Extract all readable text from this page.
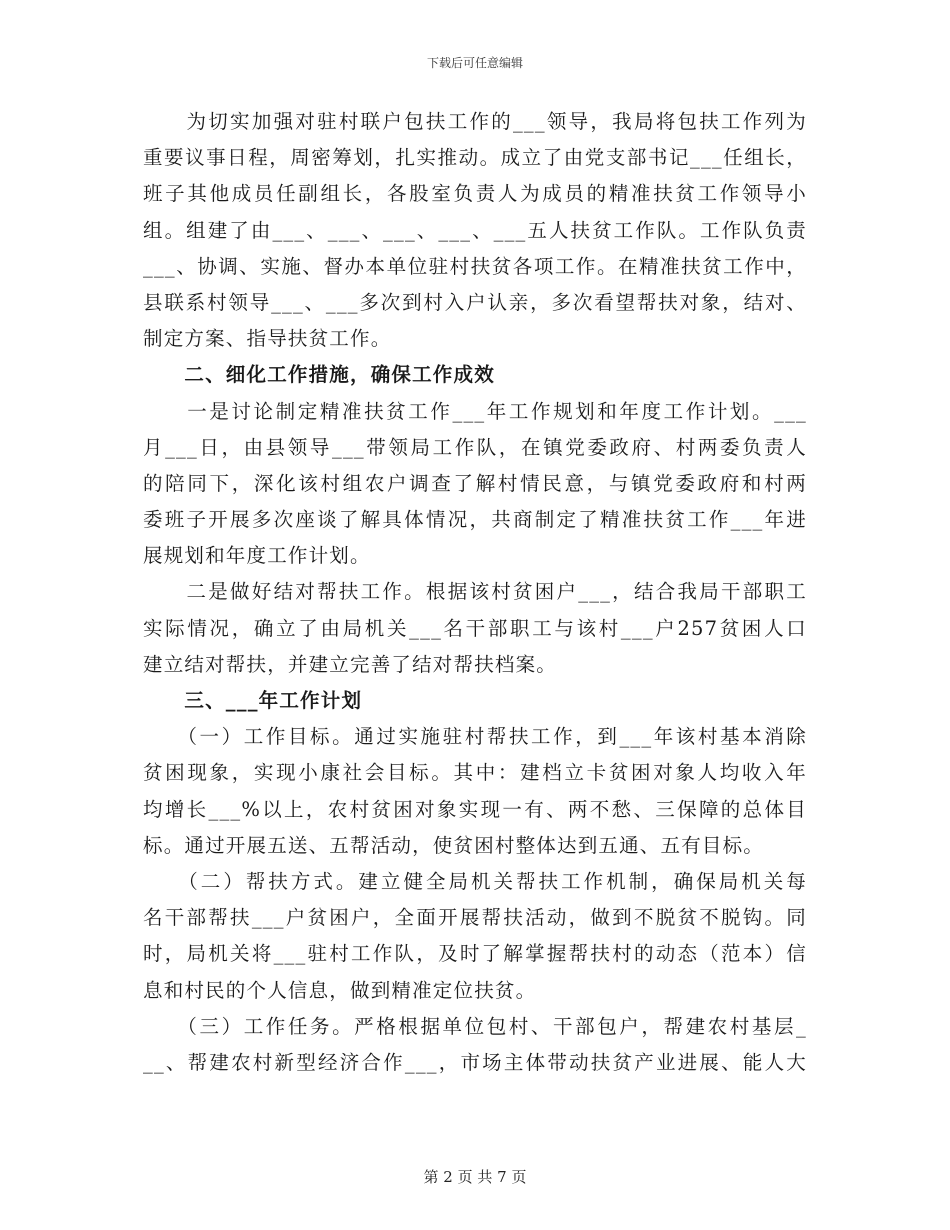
下载后可任意编辑
　　为切实加强对驻村联户包扶工作的___领导，我局将包扶工作列为
重要议事日程，周密筹划，扎实推动。成立了由党支部书记___任组长，
班子其他成员任副组长，各股室负责人为成员的精准扶贫工作领导小
组。组建了由___、___、___、___、___五人扶贫工作队。工作队负责
___、协调、实施、督办本单位驻村扶贫各项工作。在精准扶贫工作中，
县联系村领导___、___多次到村入户认亲，多次看望帮扶对象，结对、
制定方案、指导扶贫工作。
　　二、细化工作措施，确保工作成效
　　一是讨论制定精准扶贫工作___年工作规划和年度工作计划。___
月___日，由县领导___带领局工作队，在镇党委政府、村两委负责人
的陪同下，深化该村组农户调查了解村情民意，与镇党委政府和村两
委班子开展多次座谈了解具体情况，共商制定了精准扶贫工作___年进
展规划和年度工作计划。
　　二是做好结对帮扶工作。根据该村贫困户___，结合我局干部职工
实际情况，确立了由局机关___名干部职工与该村___户257贫困人口
建立结对帮扶，并建立完善了结对帮扶档案。
　　三、___年工作计划
　　（一）工作目标。通过实施驻村帮扶工作，到___年该村基本消除
贫困现象，实现小康社会目标。其中：建档立卡贫困对象人均收入年
均增长___%以上，农村贫困对象实现一有、两不愁、三保障的总体目
标。通过开展五送、五帮活动，使贫困村整体达到五通、五有目标。
　　（二）帮扶方式。建立健全局机关帮扶工作机制，确保局机关每
名干部帮扶___户贫困户，全面开展帮扶活动，做到不脱贫不脱钩。同
时，局机关将___驻村工作队，及时了解掌握帮扶村的动态（范本）信
息和村民的个人信息，做到精准定位扶贫。
　　（三）工作任务。严格根据单位包村、干部包户，帮建农村基层_
__、帮建农村新型经济合作___，市场主体带动扶贫产业进展、能人大
第 2 页 共 7 页
